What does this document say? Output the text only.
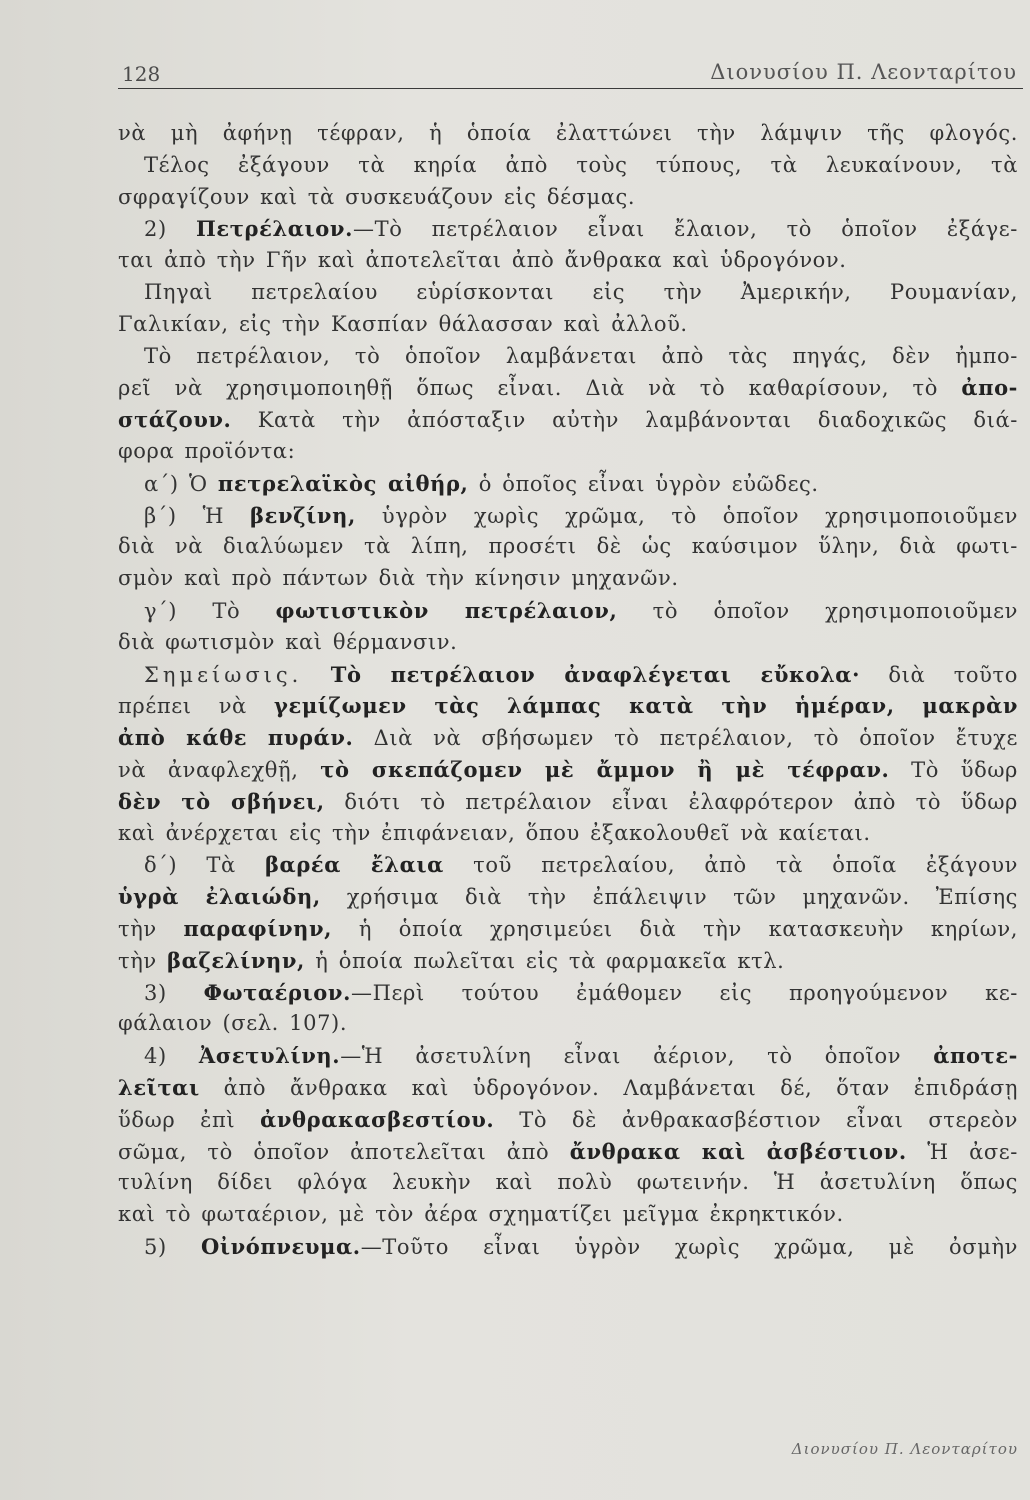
128	Διονυσίου Π. Λεονταρίτου
νὰ μὴ ἀφήνῃ τέφραν, ἡ ὁποία ἐλαττώνει τὴν λάμψιν τῆς φλογός.
Τέλος ἐξάγουν τὰ κηρία ἀπὸ τοὺς τύπους, τὰ λευκαίνουν, τὰ
σφραγίζουν καὶ τὰ συσκευάζουν εἰς δέσμας.
2) Πετρέλαιον.—Τὸ πετρέλαιον εἶναι ἔλαιον, τὸ ὁποῖον ἐξάγε-
ται ἀπὸ τὴν Γῆν καὶ ἀποτελεῖται ἀπὸ ἄνθρακα καὶ ὑδρογόνον.
Πηγαὶ πετρελαίου εὑρίσκονται εἰς τὴν Ἀμερικήν, Ρουμανίαν,
Γαλικίαν, εἰς τὴν Κασπίαν θάλασσαν καὶ ἀλλοῦ.
Τὸ πετρέλαιον, τὸ ὁποῖον λαμβάνεται ἀπὸ τὰς πηγάς, δὲν ἠμπο-
ρεῖ νὰ χρησιμοποιηθῇ ὅπως εἶναι. Διὰ νὰ τὸ καθαρίσουν, τὸ ἀπο-
στάζουν. Κατὰ τὴν ἀπόσταξιν αὐτὴν λαμβάνονται διαδοχικῶς διά-
φορα προϊόντα:
α΄) Ὁ πετρελαϊκὸς αἰθήρ, ὁ ὁποῖος εἶναι ὑγρὸν εὐῶδες.
β΄) Ἡ βενζίνη, ὑγρὸν χωρὶς χρῶμα, τὸ ὁποῖον χρησιμοποιοῦμεν
διὰ νὰ διαλύωμεν τὰ λίπη, προσέτι δὲ ὡς καύσιμον ὕλην, διὰ φωτι-
σμὸν καὶ πρὸ πάντων διὰ τὴν κίνησιν μηχανῶν.
γ΄) Τὸ φωτιστικὸν πετρέλαιον, τὸ ὁποῖον χρησιμοποιοῦμεν
διὰ φωτισμὸν καὶ θέρμανσιν.
Σημείωσις. Τὸ πετρέλαιον ἀναφλέγεται εὔκολα· διὰ τοῦτο
πρέπει νὰ γεμίζωμεν τὰς λάμπας κατὰ τὴν ἡμέραν, μακρὰν
ἀπὸ κάθε πυράν. Διὰ νὰ σβήσωμεν τὸ πετρέλαιον, τὸ ὁποῖον ἔτυχε
νὰ ἀναφλεχθῇ, τὸ σκεπάζομεν μὲ ἄμμον ἢ μὲ τέφραν. Τὸ ὕδωρ
δὲν τὸ σβήνει, διότι τὸ πετρέλαιον εἶναι ἐλαφρότερον ἀπὸ τὸ ὕδωρ
καὶ ἀνέρχεται εἰς τὴν ἐπιφάνειαν, ὅπου ἐξακολουθεῖ νὰ καίεται.
δ΄) Τὰ βαρέα ἔλαια τοῦ πετρελαίου, ἀπὸ τὰ ὁποῖα ἐξάγουν
ὑγρὰ ἐλαιώδη, χρήσιμα διὰ τὴν ἐπάλειψιν τῶν μηχανῶν. Ἐπίσης
τὴν παραφίνην, ἡ ὁποία χρησιμεύει διὰ τὴν κατασκευὴν κηρίων,
τὴν βαζελίνην, ἡ ὁποία πωλεῖται εἰς τὰ φαρμακεῖα κτλ.
3) Φωταέριον.—Περὶ τούτου ἐμάθομεν εἰς προηγούμενον κε-
φάλαιον (σελ. 107).
4) Ἀσετυλίνη.—Ἡ ἀσετυλίνη εἶναι ἀέριον, τὸ ὁποῖον ἀποτε-
λεῖται ἀπὸ ἄνθρακα καὶ ὑδρογόνον. Λαμβάνεται δέ, ὅταν ἐπιδράσῃ
ὕδωρ ἐπὶ ἀνθρακασβεστίου. Τὸ δὲ ἀνθρακασβέστιον εἶναι στερεὸν
σῶμα, τὸ ὁποῖον ἀποτελεῖται ἀπὸ ἄνθρακα καὶ ἀσβέστιον. Ἡ ἀσε-
τυλίνη δίδει φλόγα λευκὴν καὶ πολὺ φωτεινήν. Ἡ ἀσετυλίνη ὅπως
καὶ τὸ φωταέριον, μὲ τὸν ἀέρα σχηματίζει μεῖγμα ἐκρηκτικόν.
5) Οἰνόπνευμα.—Τοῦτο εἶναι ὑγρὸν χωρὶς χρῶμα, μὲ ὀσμὴν
Διονυσίου Π. Λεονταρίτου
